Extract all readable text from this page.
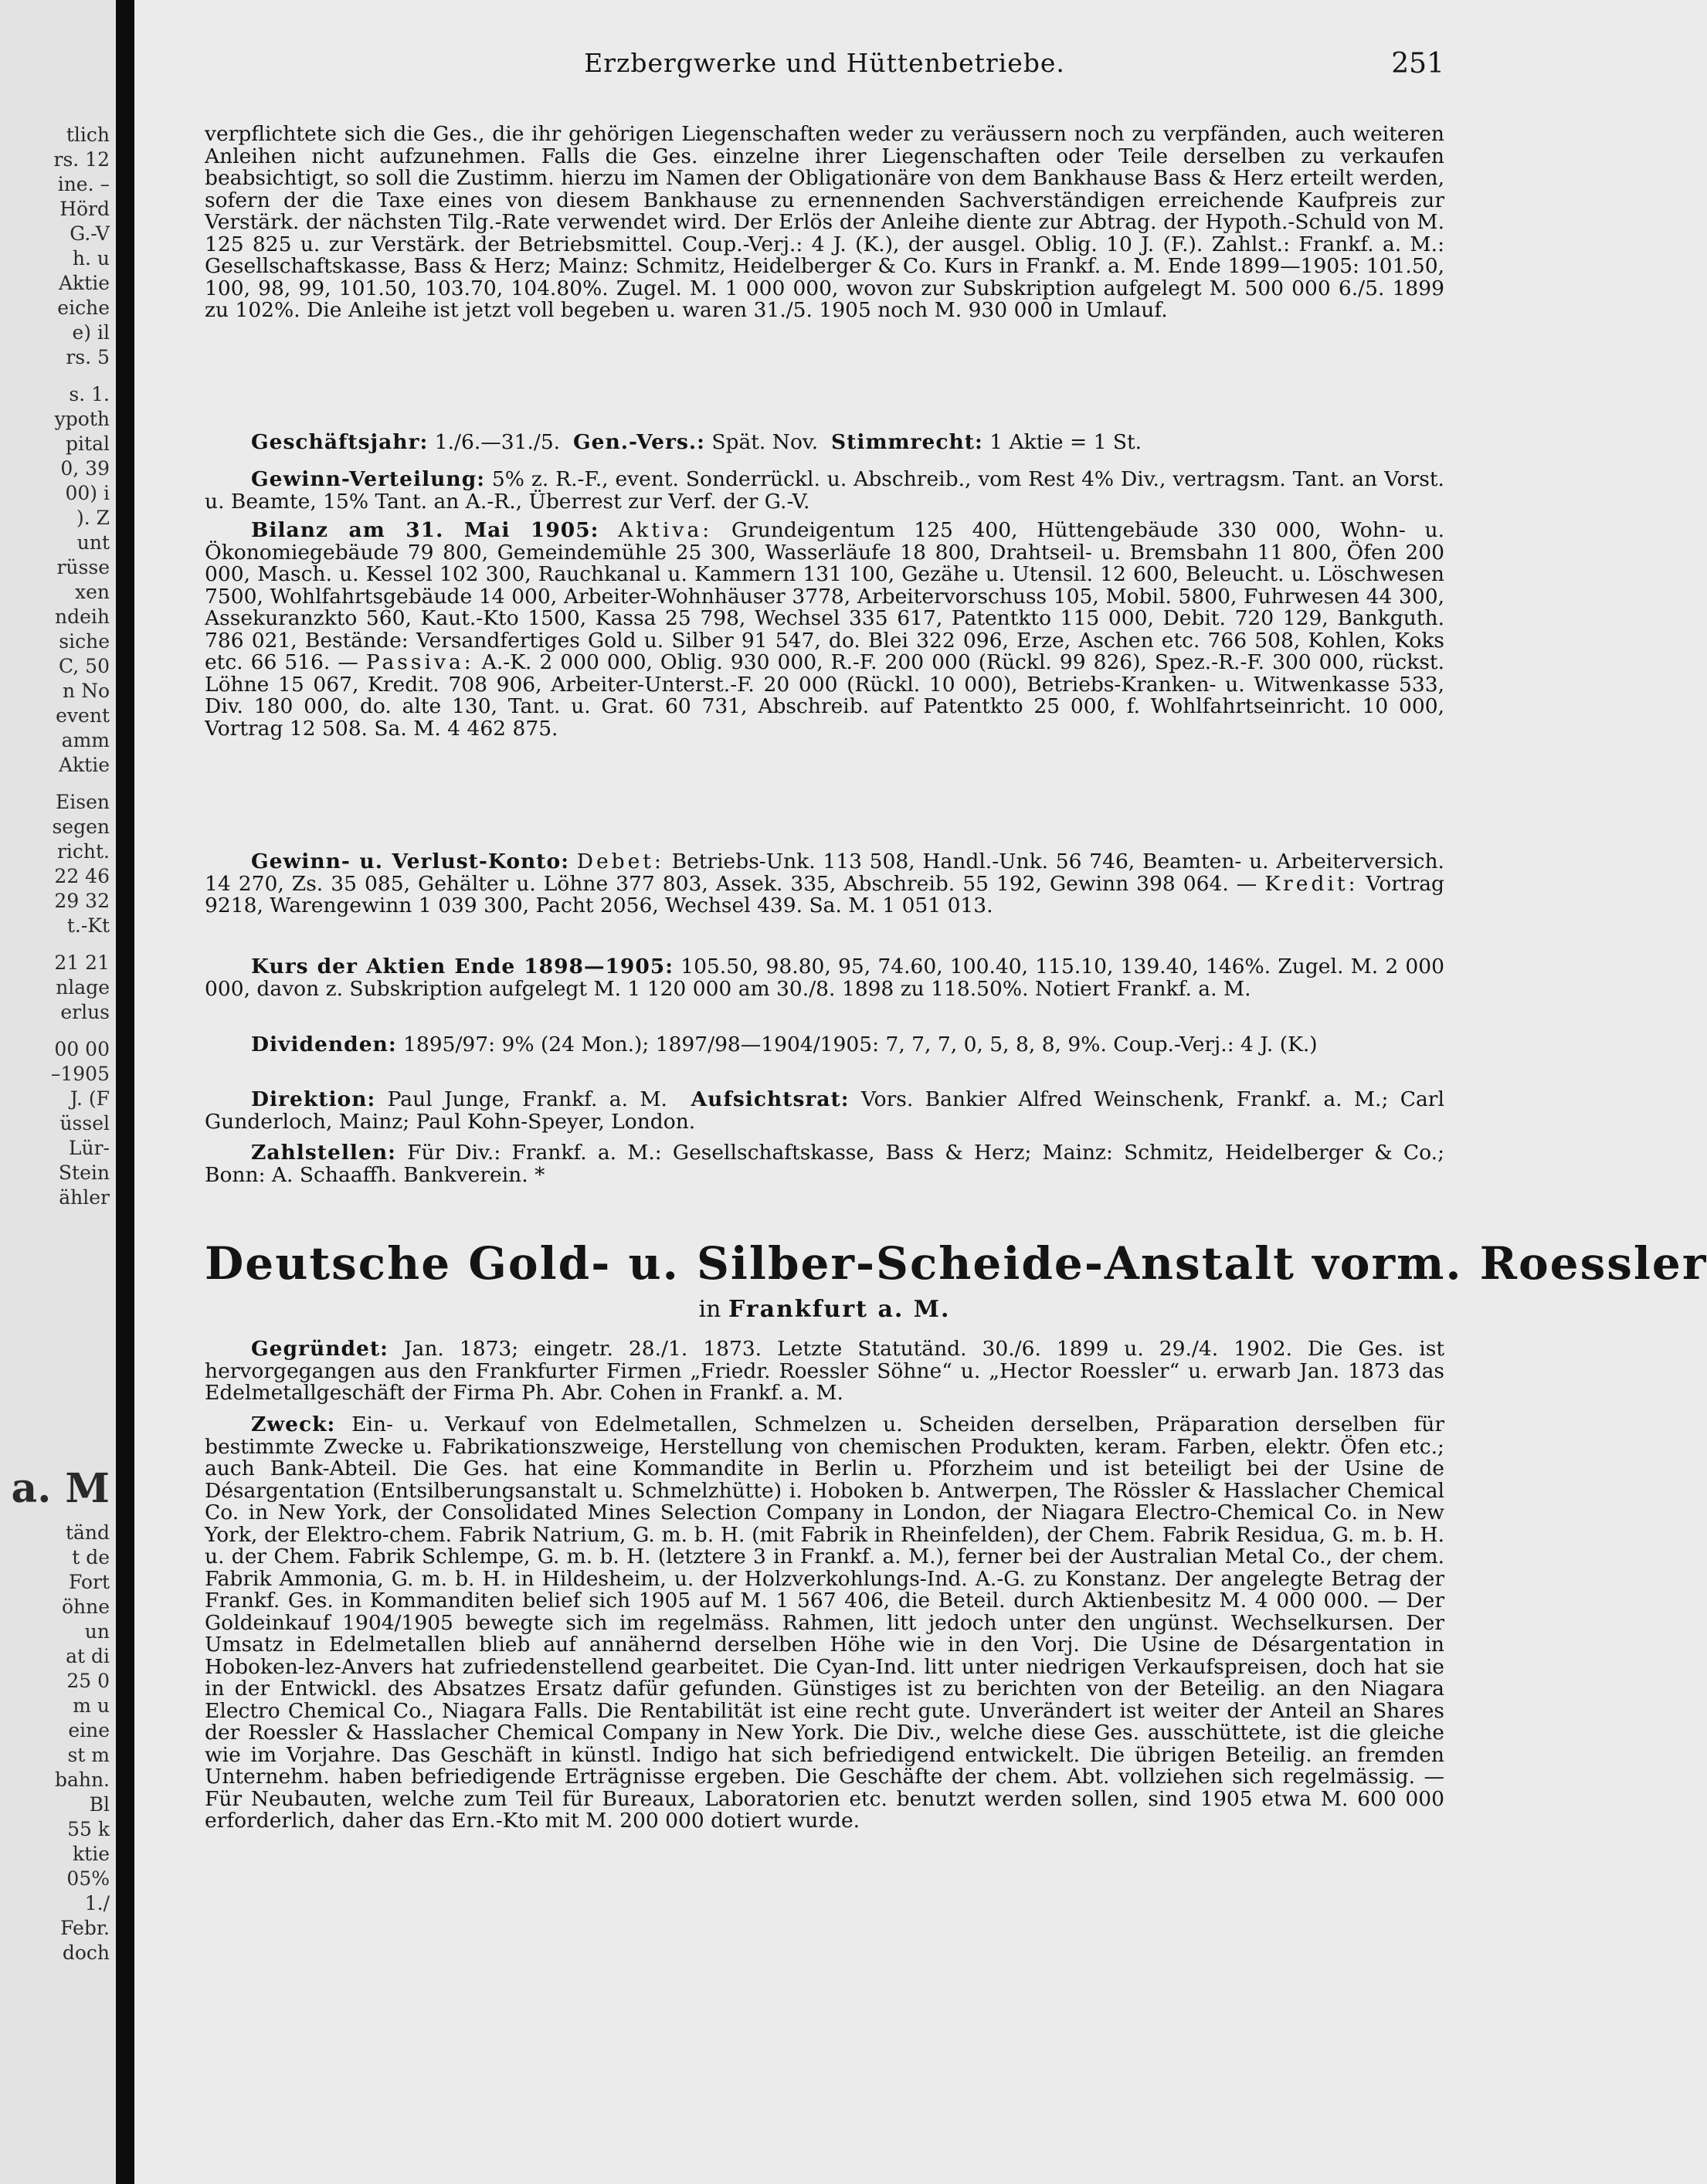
tlich
rs. 12
ine. –
Hörd
G.-V
h. u
Aktie
eiche
e) il
rs. 5
s. 1.
ypoth
pital
0, 39
00) i
). Z
unt
rüsse
xen
ndeih
siche
C, 50
n No
event
amm
Aktie
Eisen
segen
richt.
22 46
29 32
t.-Kt
21 21
nlage
erlus
00 00
–1905
J. (F
üssel
Lür-
Stein
ähler
a. M
tänd
t de
Fort
öhne
un
at di
25 0
m u
eine
st m
bahn.
Bl
55 k
ktie
05%
1./
Febr.
doch
Erzbergwerke und Hüttenbetriebe.	251

verpflichtete sich die Ges., die ihr gehörigen Liegenschaften weder zu veräussern noch zu verpfänden, auch weiteren Anleihen nicht aufzunehmen. Falls die Ges. einzelne ihrer Liegenschaften oder Teile derselben zu verkaufen beabsichtigt, so soll die Zustimm. hierzu im Namen der Obligationäre von dem Bankhause Bass & Herz erteilt werden, sofern der die Taxe eines von diesem Bankhause zu ernennenden Sachverständigen erreichende Kaufpreis zur Verstärk. der nächsten Tilg.-Rate verwendet wird. Der Erlös der Anleihe diente zur Abtrag. der Hypoth.-Schuld von M. 125 825 u. zur Verstärk. der Betriebsmittel. Coup.-Verj.: 4 J. (K.), der ausgel. Oblig. 10 J. (F.). Zahlst.: Frankf. a. M.: Gesellschaftskasse, Bass & Herz; Mainz: Schmitz, Heidelberger & Co. Kurs in Frankf. a. M. Ende 1899—1905: 101.50, 100, 98, 99, 101.50, 103.70, 104.80%. Zugel. M. 1 000 000, wovon zur Subskription aufgelegt M. 500 000 6./5. 1899 zu 102%. Die Anleihe ist jetzt voll begeben u. waren 31./5. 1905 noch M. 930 000 in Umlauf.

Geschäftsjahr: 1./6.—31./5. Gen.-Vers.: Spät. Nov. Stimmrecht: 1 Aktie = 1 St.

Gewinn-Verteilung: 5% z. R.-F., event. Sonderrückl. u. Abschreib., vom Rest 4% Div., vertragsm. Tant. an Vorst. u. Beamte, 15% Tant. an A.-R., Überrest zur Verf. der G.-V.

Bilanz am 31. Mai 1905: Aktiva: Grundeigentum 125 400, Hüttengebäude 330 000, Wohn- u. Ökonomiegebäude 79 800, Gemeindemühle 25 300, Wasserläufe 18 800, Drahtseil- u. Bremsbahn 11 800, Öfen 200 000, Masch. u. Kessel 102 300, Rauchkanal u. Kammern 131 100, Gezähe u. Utensil. 12 600, Beleucht. u. Löschwesen 7500, Wohlfahrtsgebäude 14 000, Arbeiter-Wohnhäuser 3778, Arbeitervorschuss 105, Mobil. 5800, Fuhrwesen 44 300, Assekuranzkto 560, Kaut.-Kto 1500, Kassa 25 798, Wechsel 335 617, Patentkto 115 000, Debit. 720 129, Bankguth. 786 021, Bestände: Versandfertiges Gold u. Silber 91 547, do. Blei 322 096, Erze, Aschen etc. 766 508, Kohlen, Koks etc. 66 516. — Passiva: A.-K. 2 000 000, Oblig. 930 000, R.-F. 200 000 (Rückl. 99 826), Spez.-R.-F. 300 000, rückst. Löhne 15 067, Kredit. 708 906, Arbeiter-Unterst.-F. 20 000 (Rückl. 10 000), Betriebs-Kranken- u. Witwenkasse 533, Div. 180 000, do. alte 130, Tant. u. Grat. 60 731, Abschreib. auf Patentkto 25 000, f. Wohlfahrtseinricht. 10 000, Vortrag 12 508. Sa. M. 4 462 875.

Gewinn- u. Verlust-Konto: Debet: Betriebs-Unk. 113 508, Handl.-Unk. 56 746, Beamten- u. Arbeiterversich. 14 270, Zs. 35 085, Gehälter u. Löhne 377 803, Assek. 335, Abschreib. 55 192, Gewinn 398 064. — Kredit: Vortrag 9218, Warengewinn 1 039 300, Pacht 2056, Wechsel 439. Sa. M. 1 051 013.

Kurs der Aktien Ende 1898—1905: 105.50, 98.80, 95, 74.60, 100.40, 115.10, 139.40, 146%. Zugel. M. 2 000 000, davon z. Subskription aufgelegt M. 1 120 000 am 30./8. 1898 zu 118.50%. Notiert Frankf. a. M.

Dividenden: 1895/97: 9% (24 Mon.); 1897/98—1904/1905: 7, 7, 7, 0, 5, 8, 8, 9%. Coup.-Verj.: 4 J. (K.)

Direktion: Paul Junge, Frankf. a. M. Aufsichtsrat: Vors. Bankier Alfred Weinschenk, Frankf. a. M.; Carl Gunderloch, Mainz; Paul Kohn-Speyer, London.

Zahlstellen: Für Div.: Frankf. a. M.: Gesellschaftskasse, Bass & Herz; Mainz: Schmitz, Heidelberger & Co.; Bonn: A. Schaaffh. Bankverein. *

Deutsche Gold- u. Silber-Scheide-Anstalt vorm. Roessler

in Frankfurt a. M.

Gegründet: Jan. 1873; eingetr. 28./1. 1873. Letzte Statutänd. 30./6. 1899 u. 29./4. 1902. Die Ges. ist hervorgegangen aus den Frankfurter Firmen „Friedr. Roessler Söhne“ u. „Hector Roessler“ u. erwarb Jan. 1873 das Edelmetallgeschäft der Firma Ph. Abr. Cohen in Frankf. a. M.

Zweck: Ein- u. Verkauf von Edelmetallen, Schmelzen u. Scheiden derselben, Präparation derselben für bestimmte Zwecke u. Fabrikationszweige, Herstellung von chemischen Produkten, keram. Farben, elektr. Öfen etc.; auch Bank-Abteil. Die Ges. hat eine Kommandite in Berlin u. Pforzheim und ist beteiligt bei der Usine de Désargentation (Entsilberungsanstalt u. Schmelzhütte) i. Hoboken b. Antwerpen, The Rössler & Hasslacher Chemical Co. in New York, der Consolidated Mines Selection Company in London, der Niagara Electro-Chemical Co. in New York, der Elektro-chem. Fabrik Natrium, G. m. b. H. (mit Fabrik in Rheinfelden), der Chem. Fabrik Residua, G. m. b. H. u. der Chem. Fabrik Schlempe, G. m. b. H. (letztere 3 in Frankf. a. M.), ferner bei der Australian Metal Co., der chem. Fabrik Ammonia, G. m. b. H. in Hildesheim, u. der Holzverkohlungs-Ind. A.-G. zu Konstanz. Der angelegte Betrag der Frankf. Ges. in Kommanditen belief sich 1905 auf M. 1 567 406, die Beteil. durch Aktienbesitz M. 4 000 000. — Der Goldeinkauf 1904/1905 bewegte sich im regelmäss. Rahmen, litt jedoch unter den ungünst. Wechselkursen. Der Umsatz in Edelmetallen blieb auf annähernd derselben Höhe wie in den Vorj. Die Usine de Désargentation in Hoboken-lez-Anvers hat zufriedenstellend gearbeitet. Die Cyan-Ind. litt unter niedrigen Verkaufspreisen, doch hat sie in der Entwickl. des Absatzes Ersatz dafür gefunden. Günstiges ist zu berichten von der Beteilig. an den Niagara Electro Chemical Co., Niagara Falls. Die Rentabilität ist eine recht gute. Unverändert ist weiter der Anteil an Shares der Roessler & Hasslacher Chemical Company in New York. Die Div., welche diese Ges. ausschüttete, ist die gleiche wie im Vorjahre. Das Geschäft in künstl. Indigo hat sich befriedigend entwickelt. Die übrigen Beteilig. an fremden Unternehm. haben befriedigende Erträgnisse ergeben. Die Geschäfte der chem. Abt. vollziehen sich regelmässig. — Für Neubauten, welche zum Teil für Bureaux, Laboratorien etc. benutzt werden sollen, sind 1905 etwa M. 600 000 erforderlich, daher das Ern.-Kto mit M. 200 000 dotiert wurde.
